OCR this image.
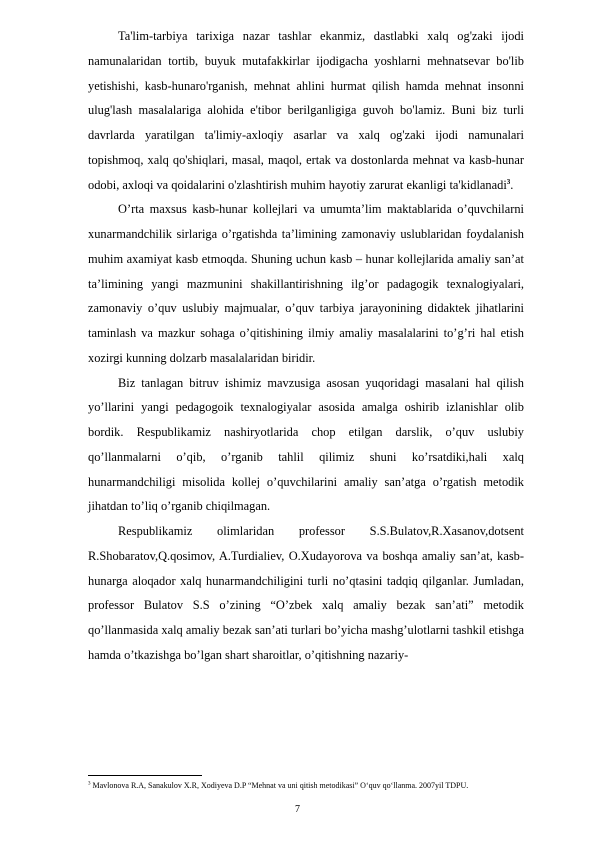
Ta'lim-tarbiya tarixiga nazar tashlar ekanmiz, dastlabki xalq og'zaki ijodi namunalaridan tortib, buyuk mutafakkirlar ijodigacha yoshlarni mehnatsevar bo'lib yetishishi, kasb-hunaro'rganish, mehnat ahlini hurmat qilish hamda mehnat insonni ulug'lash masalalariga alohida e'tibor berilganligiga guvoh bo'lamiz. Buni biz turli davrlarda yaratilgan ta'limiy-axloqiy asarlar va xalq og'zaki ijodi namunalari topishmoq, xalq qo'shiqlari, masal, maqol, ertak va dostonlarda mehnat va kasb-hunar odobi, axloqi va qoidalarini o'zlashtirish muhim hayotiy zarurat ekanligi ta'kidlanadi$^3$.

O’rta maxsus kasb-hunar kollejlari va umumta’lim maktablarida o’quvchilarni xunarmandchilik sirlariga o’rgatishda ta’limining zamonaviy uslublaridan foydalanish muhim axamiyat kasb etmoqda. Shuning uchun kasb – hunar kollejlarida amaliy san’at ta’limining yangi mazmunini shakillantirishning ilg’or padagogik texnalogiyalari, zamonaviy o’quv uslubiy majmualar, o’quv tarbiya jarayonining didaktek jihatlarini taminlash va mazkur sohaga o’qitishining ilmiy amaliy masalalarini to’g’ri hal etish xozirgi kunning dolzarb masalalaridan biridir.

Biz tanlagan bitruv ishimiz mavzusiga asosan yuqoridagi masalani hal qilish yo’llarini yangi pedagogoik texnalogiyalar asosida amalga oshirib izlanishlar olib bordik. Respublikamiz nashiryotlarida chop etilgan darslik, o’quv uslubiy qo’llanmalarni o’qib, o’rganib tahlil qilimiz shuni ko’rsatdiki,hali xalq hunarmandchiligi misolida kollej o’quvchilarini amaliy san’atga o’rgatish metodik jihatdan to’liq o’rganib chiqilmagan.

Respublikamiz olimlaridan professor S.S.Bulatov,R.Xasanov,dotsent R.Shobaratov,Q.qosimov, A.Turdialiev, O.Xudayorova va boshqa amaliy san’at, kasb- hunarga aloqador xalq hunarmandchiligini turli no’qtasini tadqiq qilganlar. Jumladan, professor Bulatov S.S o’zining “O’zbek xalq amaliy bezak san’ati” metodik qo’llanmasida xalq amaliy bezak san’ati turlari bo’yicha mashg’ulotlarni tashkil etishga hamda o’tkazishga bo’lgan shart sharoitlar, o’qitishning nazariy-

$^3$ Mavlonova R.A, Sanakulov X.R, Xodiyeva D.P “Mehnat va uni qitish metodikasi” O‘quv qo‘llanma. 2007yil TDPU.
7
